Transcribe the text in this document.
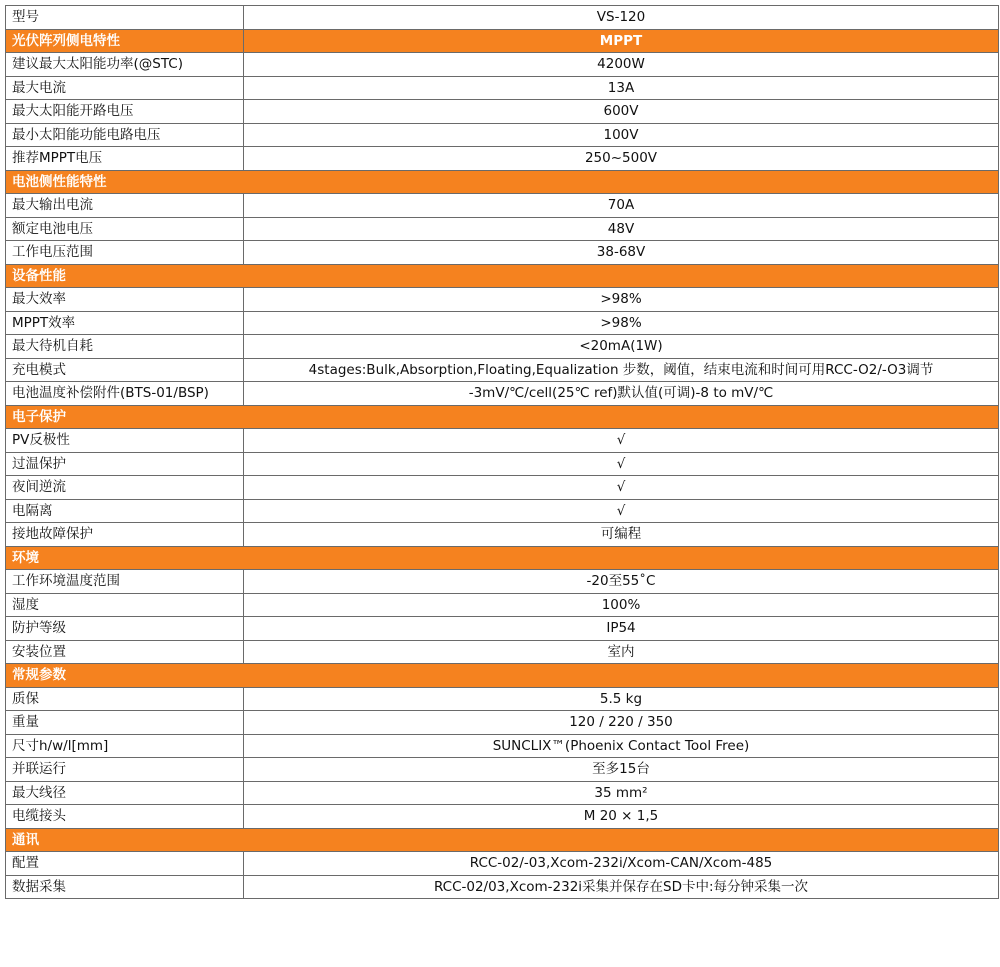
型号	VS-120
光伏阵列侧电特性	MPPT
建议最大太阳能功率(@STC)	4200W
最大电流	13A
最大太阳能开路电压	600V
最小太阳能功能电路电压	100V
推荐MPPT电压	250~500V
电池侧性能特性	
最大输出电流	70A
额定电池电压	48V
工作电压范围	38-68V
设备性能	
最大效率	>98%
MPPT效率	>98%
最大待机自耗	<20mA(1W)
充电模式	4stages:Bulk,Absorption,Floating,Equalization 步数，阈值，结束电流和时间可用RCC-O2/-O3调节
电池温度补偿附件(BTS-01/BSP)	-3mV/℃/cell(25℃ ref)默认值(可调)-8 to mV/℃
电子保护	
PV反极性	√
过温保护	√
夜间逆流	√
电隔离	√
接地故障保护	可编程
环境	
工作环境温度范围	-20至55˚C
湿度	100%
防护等级	IP54
安装位置	室内
常规参数	
质保	5.5 kg
重量	120 / 220 / 350
尺寸h/w/l[mm]	SUNCLIX™(Phoenix Contact Tool Free)
并联运行	至多15台
最大线径	35 mm²
电缆接头	M 20 × 1,5
通讯	
配置	RCC-02/-03,Xcom-232i/Xcom-CAN/Xcom-485
数据采集	RCC-02/03,Xcom-232i采集并保存在SD卡中:每分钟采集一次
